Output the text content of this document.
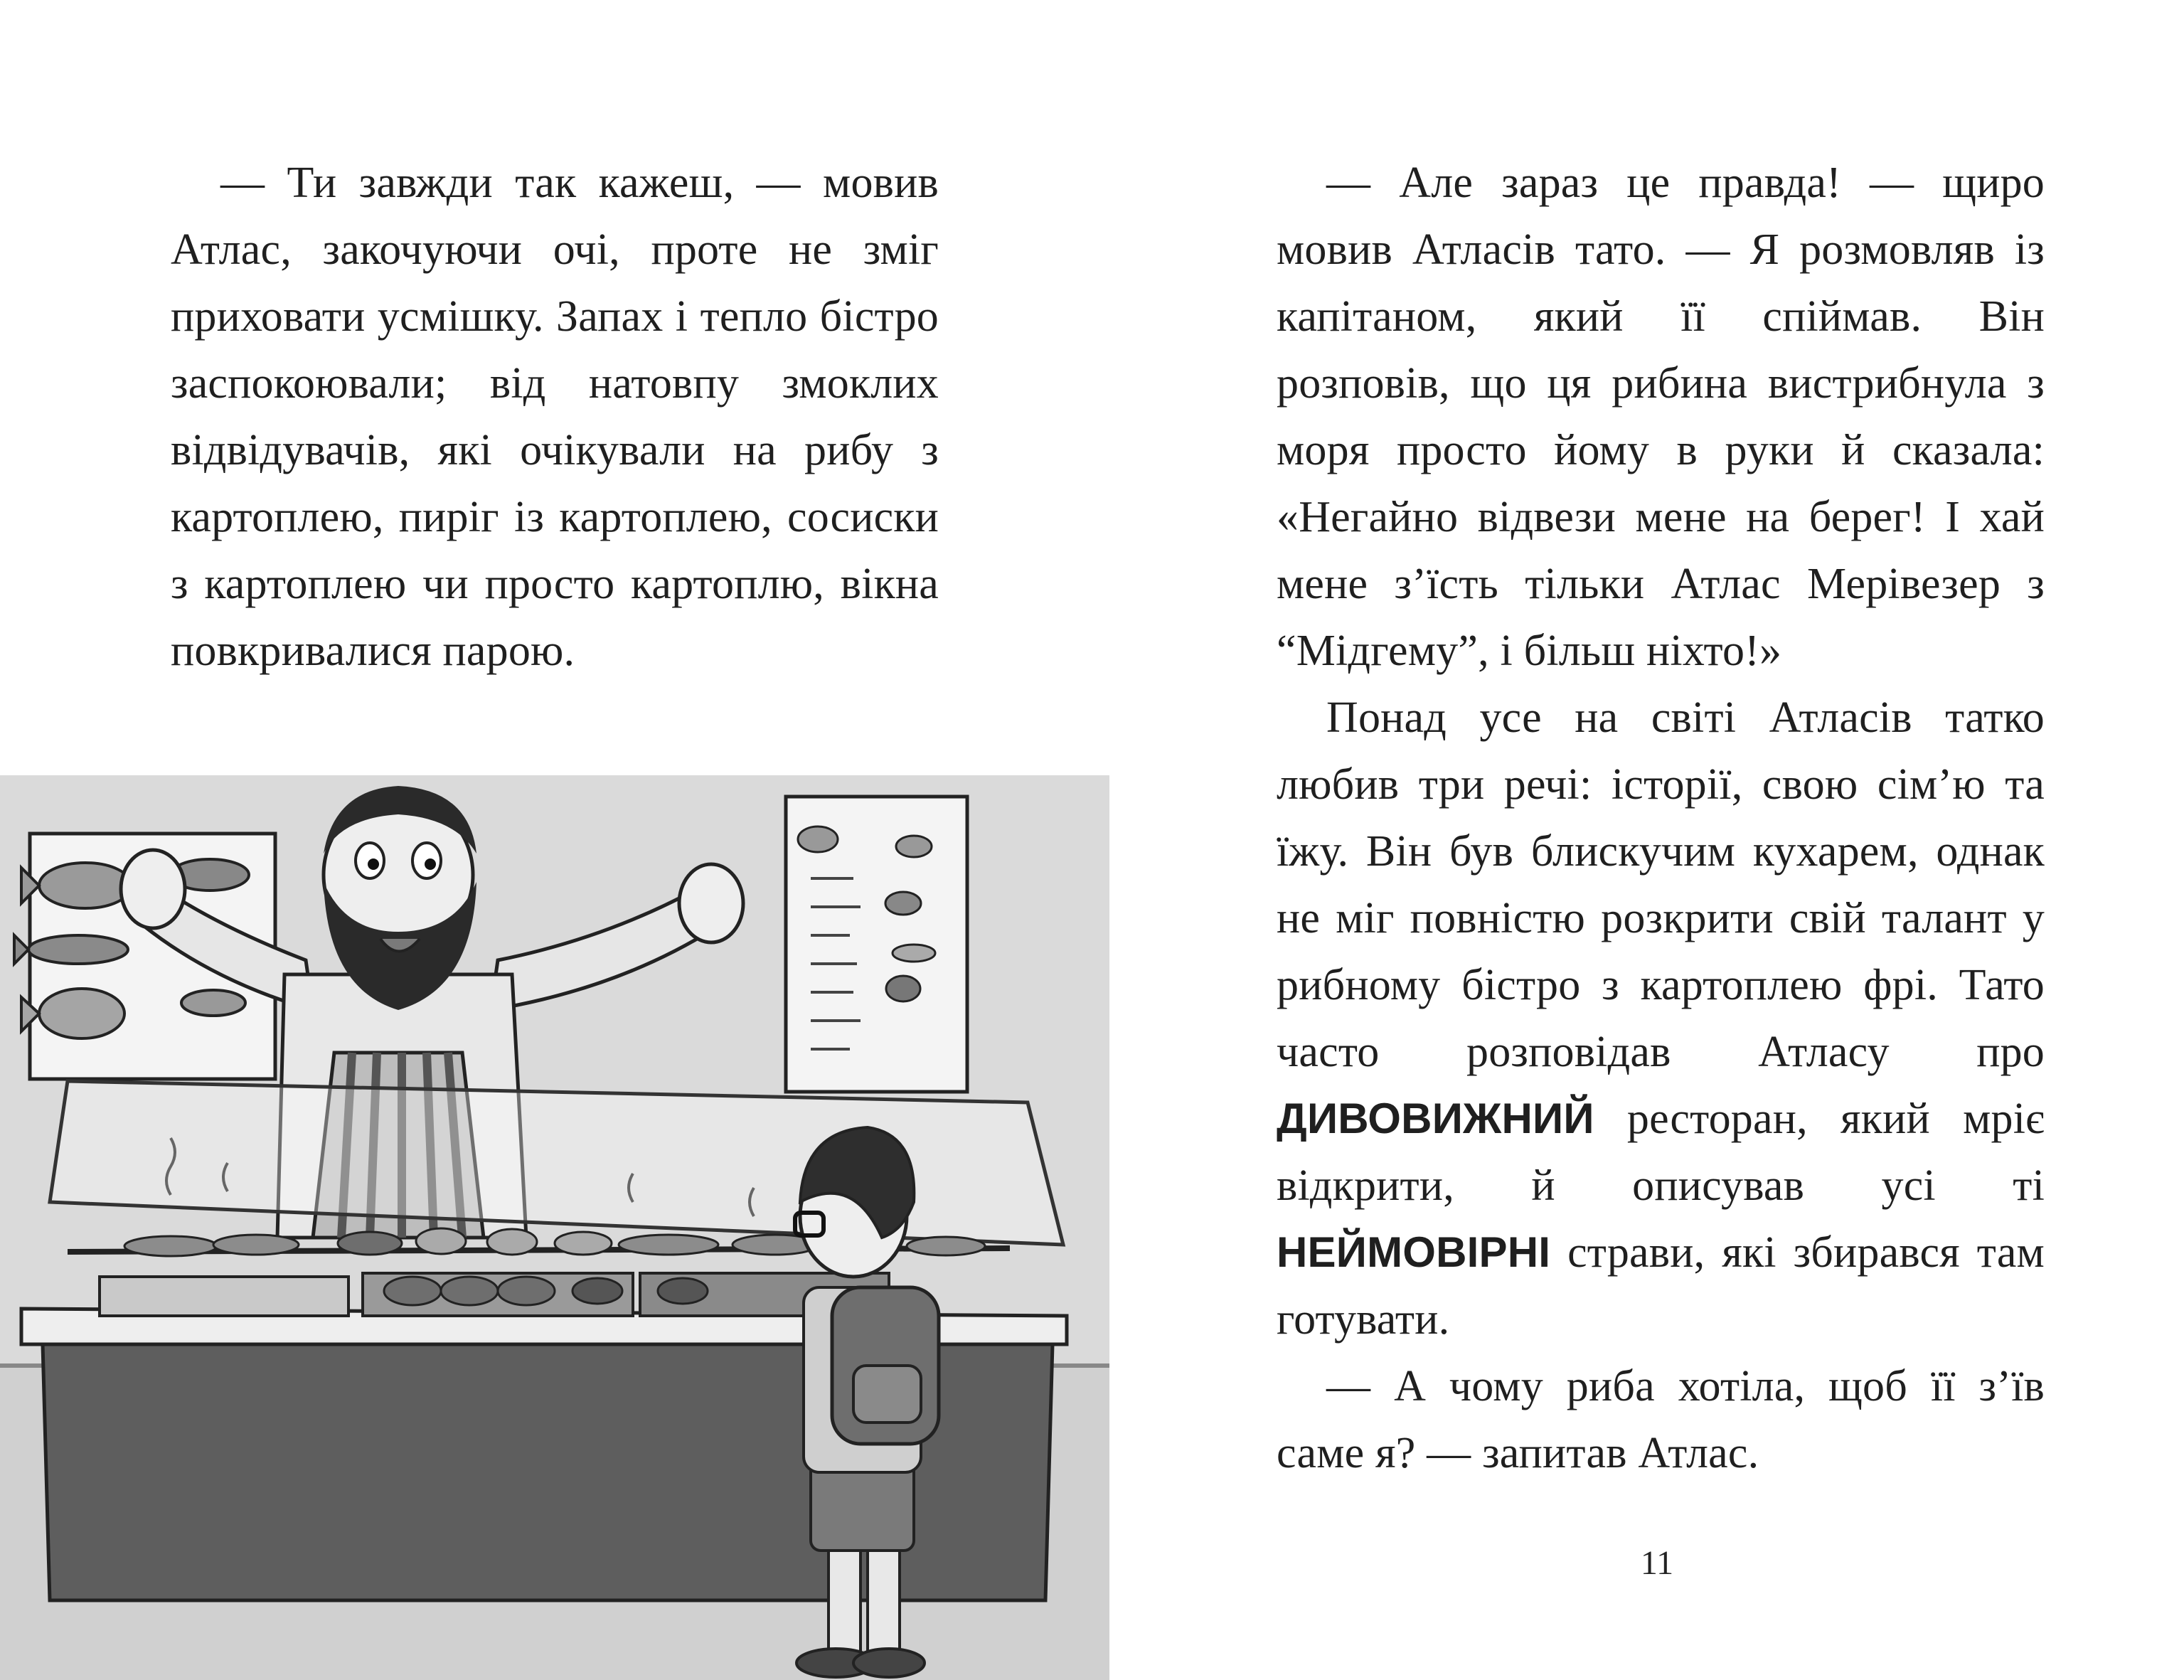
— Ти завжди так кажеш, — мовив Атлас, закочуючи очі, проте не зміг приховати усмішку. Запах і тепло бістро заспокоювали; від натовпу змоклих відвідувачів, які очікували на рибу з картоплею, пиріг із картоплею, сосиски з картоплею чи просто картоплю, вікна повкривалися парою.

— Але зараз це правда! — щиро мовив Атласів тато. — Я розмовляв із капітаном, який її спіймав. Він розповів, що ця рибина вистрибнула з моря просто йому в руки й сказала: «Негайно відвези мене на берег! І хай мене з’їсть тільки Атлас Мерівезер з “Мідгему”, і більш ніхто!»

Понад усе на світі Атласів татко любив три речі: історії, свою сім’ю та їжу. Він був блискучим кухарем, однак не міг повністю розкрити свій талант у рибному бістро з картоплею фрі. Тато часто розповідав Атласу про ДИВОВИЖНИЙ ресторан, який мріє відкрити, й описував усі ті НЕЙМОВІРНІ страви, які збирався там готувати.

— А чому риба хотіла, щоб її з’їв саме я? — запитав Атлас.

11
